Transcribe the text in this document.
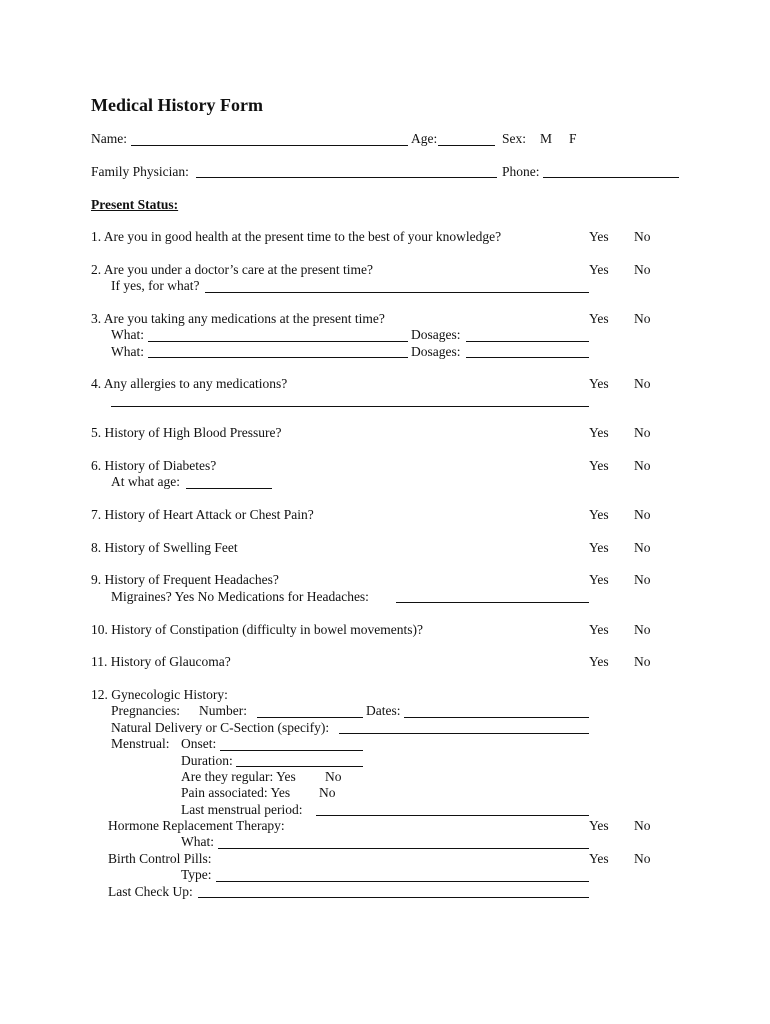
Medical History Form
Name:	Age:	Sex: M F
Family Physician:	Phone:
Present Status:
1. Are you in good health at the present time to the best of your knowledge?	Yes No
2. Are you under a doctor’s care at the present time?	Yes No
If yes, for what?
3. Are you taking any medications at the present time?	Yes No
What:	Dosages:
What:	Dosages:
4. Any allergies to any medications?	Yes No
5. History of High Blood Pressure?	Yes No
6. History of Diabetes?	Yes No
At what age:
7. History of Heart Attack or Chest Pain?	Yes No
8. History of Swelling Feet	Yes No
9. History of Frequent Headaches?	Yes No
Migraines? Yes No Medications for Headaches:
10. History of Constipation (difficulty in bowel movements)?	Yes No
11. History of Glaucoma?	Yes No
12. Gynecologic History:
Pregnancies: Number:	Dates:
Natural Delivery or C-Section (specify):
Menstrual: Onset:
Duration:
Are they regular: Yes No
Pain associated: Yes No
Last menstrual period:
Hormone Replacement Therapy:	Yes No
What:
Birth Control Pills:	Yes No
Type:
Last Check Up:
